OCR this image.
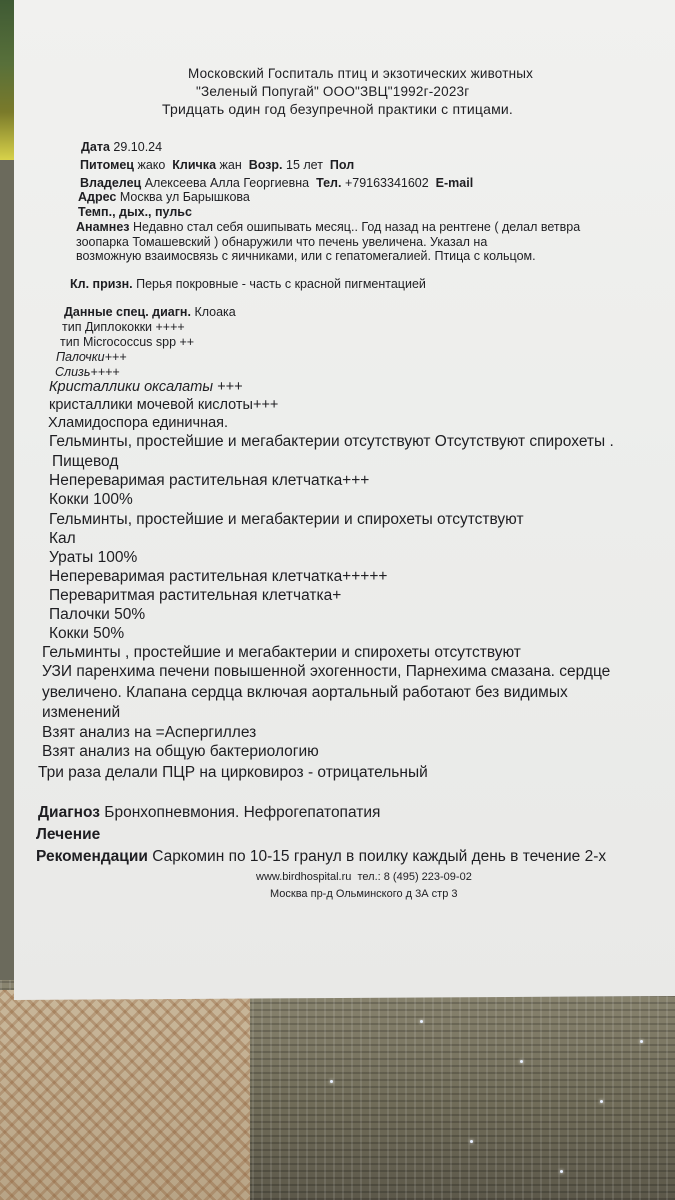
Московский Госпиталь птиц и экзотических животных
"Зеленый Попугай" ООО"ЗВЦ"1992г-2023г
Тридцать один год безупречной практики с птицами.
Дата 29.10.24
Питомец жако Кличка жан Возр. 15 лет Пол
Владелец Алексеева Алла Георгиевна Тел. +79163341602 E-mail
Адрес Москва ул Барышкова
Темп., дых., пульс
Анамнез Недавно стал себя ошипывать месяц.. Год назад на рентгене ( делал ветвра
зоопарка Томашевский ) обнаружили что печень увеличена. Указал на
возможную взаимосвязь с яичниками, или с гепатомегалией. Птица с кольцом.
Кл. призн. Перья покровные - часть с красной пигментацией
Данные спец. диагн. Клоака
тип Диплококки ++++
тип Micrococcus spp ++
Палочки+++
Слизь++++
Кристаллики оксалаты +++
кристаллики мочевой кислоты+++
Хламидоспора единичная.
Гельминты, простейшие и мегабактерии отсутствуют Отсутствуют спирохеты .
Пищевод
Непереваримая растительная клетчатка+++
Кокки 100%
Гельминты, простейшие и мегабактерии и спирохеты отсутствуют
Кал
Ураты 100%
Непереваримая растительная клетчатка+++++
Переваритмая растительная клетчатка+
Палочки 50%
Кокки 50%
Гельминты , простейшие и мегабактерии и спирохеты отсутствуют
УЗИ паренхима печени повышенной эхогенности, Парнехима смазана. сердце
увеличено. Клапана сердца включая аортальный работают без видимых
изменений
Взят анализ на =Аспергиллез
Взят анализ на общую бактериологию
Три раза делали ПЦР на цирковироз - отрицательный
Диагноз Бронхопневмония. Нефрогепатопатия
Лечение
Рекомендации Саркомин по 10-15 гранул в поилку каждый день в течение 2-х
www.birdhospital.ru тел.: 8 (495) 223-09-02
Москва пр-д Ольминского д 3А стр 3
